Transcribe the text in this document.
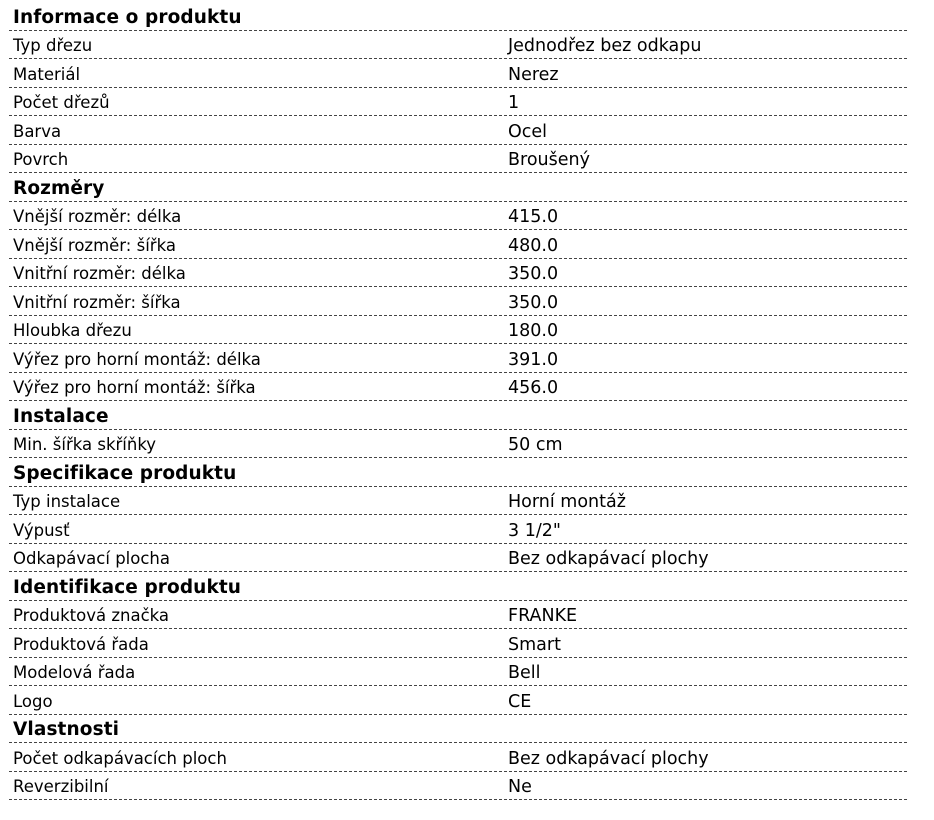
Informace o produktu
Typ dřezu	Jednodřez bez odkapu
Materiál	Nerez
Počet dřezů	1
Barva	Ocel
Povrch	Broušený
Rozměry
Vnější rozměr: délka	415.0
Vnější rozměr: šířka	480.0
Vnitřní rozměr: délka	350.0
Vnitřní rozměr: šířka	350.0
Hloubka dřezu	180.0
Výřez pro horní montáž: délka	391.0
Výřez pro horní montáž: šířka	456.0
Instalace
Min. šířka skříňky	50 cm
Specifikace produktu
Typ instalace	Horní montáž
Výpusť	3 1/2"
Odkapávací plocha	Bez odkapávací plochy
Identifikace produktu
Produktová značka	FRANKE
Produktová řada	Smart
Modelová řada	Bell
Logo	CE
Vlastnosti
Počet odkapávacích ploch	Bez odkapávací plochy
Reverzibilní	Ne
